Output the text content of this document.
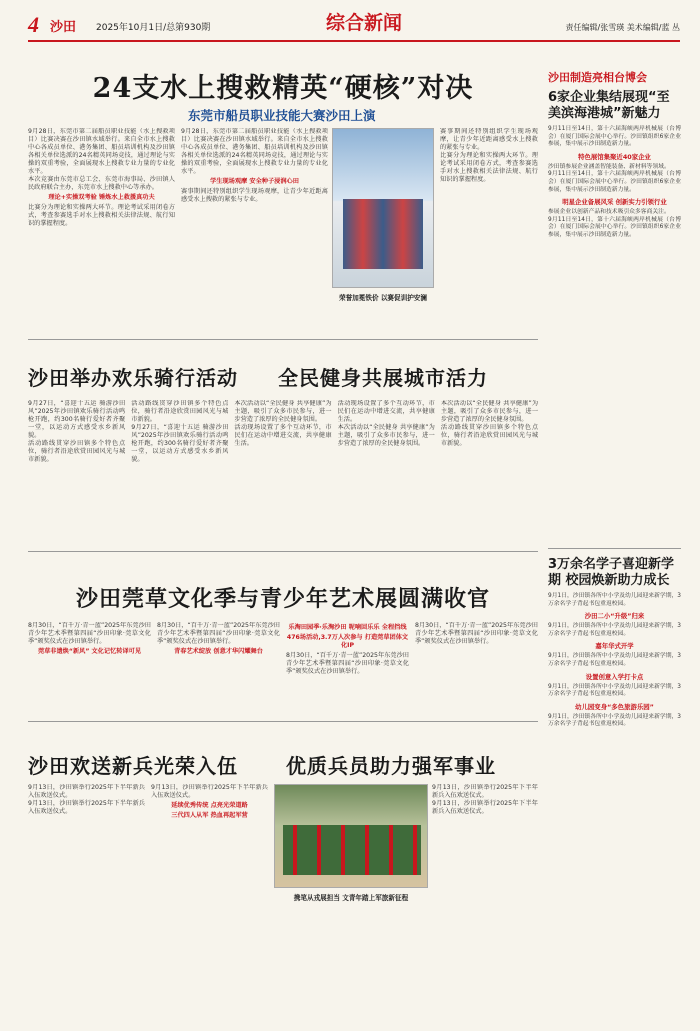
4 沙田 2025年10月1日/总第930期	综合新闻	责任编辑/张雪瑛 美术编辑/蓝 丛
24支水上搜救精英“硬核”对决
东莞市船员职业技能大赛沙田上演

9月28日，东莞市第二届船员职业技能（水上搜救项目）比赛决赛在沙田镇水域举行。来自全市水上搜救中心各成员单位、港务集团、船员培训机构及沙田镇各相关单位选派的24名精英同场竞技，通过理论与实操的双重考验，全面展现水上搜救专业力量的专业化水平。

本次竞赛由东莞市总工会、东莞市海事局、沙田镇人民政府联合主办，东莞市水上搜救中心等承办。

理论+实操双考验 锤炼水上救援真功夫

比赛分为理论和实操两大环节。理论考试采用闭卷方式，考查参赛选手对水上搜救相关法律法规、航行知识的掌握程度。

9月28日，东莞市第二届船员职业技能（水上搜救项目）比赛决赛在沙田镇水域举行。来自全市水上搜救中心各成员单位、港务集团、船员培训机构及沙田镇各相关单位选派的24名精英同场竞技，通过理论与实操的双重考验，全面展现水上搜救专业力量的专业化水平。

学生现场观摩 安全种子浸润心田

赛事期间还特别组织学生现场观摩，让青少年近距离感受水上搜救的紧张与专业。

荣誉加冕铁价 以赛促训护安澜

赛事期间还特别组织学生现场观摩，让青少年近距离感受水上搜救的紧张与专业。

比赛分为理论和实操两大环节。理论考试采用闭卷方式，考查参赛选手对水上搜救相关法律法规、航行知识的掌握程度。

沙田举办欢乐骑行活动	全民健身共展城市活力

9月27日，“喜迎十五运 骑游沙田风”2025年沙田镇欢乐骑行活动鸣枪开跑，约300名骑行爱好者齐聚一堂，以运动方式感受水乡新风貌。

活动路线贯穿沙田镇多个特色点位，骑行者沿途欣赏田园风光与城市新貌。

活动路线贯穿沙田镇多个特色点位，骑行者沿途欣赏田园风光与城市新貌。

9月27日，“喜迎十五运 骑游沙田风”2025年沙田镇欢乐骑行活动鸣枪开跑，约300名骑行爱好者齐聚一堂，以运动方式感受水乡新风貌。

本次活动以“全民健身 共享健康”为主题，吸引了众多市民参与，进一步营造了浓厚的全民健身氛围。

活动现场设置了多个互动环节，市民们在运动中增进交流，共享健康生活。

活动现场设置了多个互动环节，市民们在运动中增进交流，共享健康生活。

本次活动以“全民健身 共享健康”为主题，吸引了众多市民参与，进一步营造了浓厚的全民健身氛围。

本次活动以“全民健身 共享健康”为主题，吸引了众多市民参与，进一步营造了浓厚的全民健身氛围。

活动路线贯穿沙田镇多个特色点位，骑行者沿途欣赏田园风光与城市新貌。

沙田莞草文化季与青少年艺术展圆满收官

8月30日，“百千万·青一蓝”2025年东莞沙田青少年艺术季暨第四届“沙田印象·莞草文化季”颁奖仪式在沙田镇举行。

莞草非遗焕“新风” 文化记忆转译可见

8月30日，“百千万·青一蓝”2025年东莞沙田青少年艺术季暨第四届“沙田印象·莞草文化季”颁奖仪式在沙田镇举行。

青春艺术绽放 创意才华闪耀舞台
乐淘田园季·乐淘沙田 呢喃回乐乐 全程挡线
476场活动,3.7万人次参与 打造莞草团体文化IP

8月30日，“百千万·青一蓝”2025年东莞沙田青少年艺术季暨第四届“沙田印象·莞草文化季”颁奖仪式在沙田镇举行。

8月30日，“百千万·青一蓝”2025年东莞沙田青少年艺术季暨第四届“沙田印象·莞草文化季”颁奖仪式在沙田镇举行。

沙田欢送新兵光荣入伍	优质兵员助力强军事业

9月13日，沙田镇举行2025年下半年新兵入伍欢送仪式。

9月13日，沙田镇举行2025年下半年新兵入伍欢送仪式。

9月13日，沙田镇举行2025年下半年新兵入伍欢送仪式。

延续优秀传统 点亮光荣道路
三代四人从军 热血再起军营
携笔从戎展担当 文青年踏上军旅新征程

9月13日，沙田镇举行2025年下半年新兵入伍欢送仪式。

9月13日，沙田镇举行2025年下半年新兵入伍欢送仪式。

沙田制造亮相台博会
6家企业集结展现“至美滨海港城”新魅力

9月11日至14日，第十六届海峡两岸机械展（台博会）在厦门国际会展中心举行。沙田镇组织6家企业参展，集中展示沙田制造新力量。

特色展馆集聚近40家企业

沙田镇参展企业涵盖智能装备、新材料等领域。

9月11日至14日，第十六届海峡两岸机械展（台博会）在厦门国际会展中心举行。沙田镇组织6家企业参展，集中展示沙田制造新力量。

明星企业备展风采 创新实力引领行业

参展企业以创新产品和技术吸引众多客商关注。

9月11日至14日，第十六届海峡两岸机械展（台博会）在厦门国际会展中心举行。沙田镇组织6家企业参展，集中展示沙田制造新力量。

3万余名学子喜迎新学期 校园焕新助力成长

9月1日，沙田镇各所中小学及幼儿园迎来新学期，3万余名学子背起书包重返校园。

沙田二小“升级”归来

9月1日，沙田镇各所中小学及幼儿园迎来新学期，3万余名学子背起书包重返校园。

嘉年华式开学

9月1日，沙田镇各所中小学及幼儿园迎来新学期，3万余名学子背起书包重返校园。

设置创意入学打卡点

9月1日，沙田镇各所中小学及幼儿园迎来新学期，3万余名学子背起书包重返校园。

幼儿园变身“多色旅游乐园”

9月1日，沙田镇各所中小学及幼儿园迎来新学期，3万余名学子背起书包重返校园。
